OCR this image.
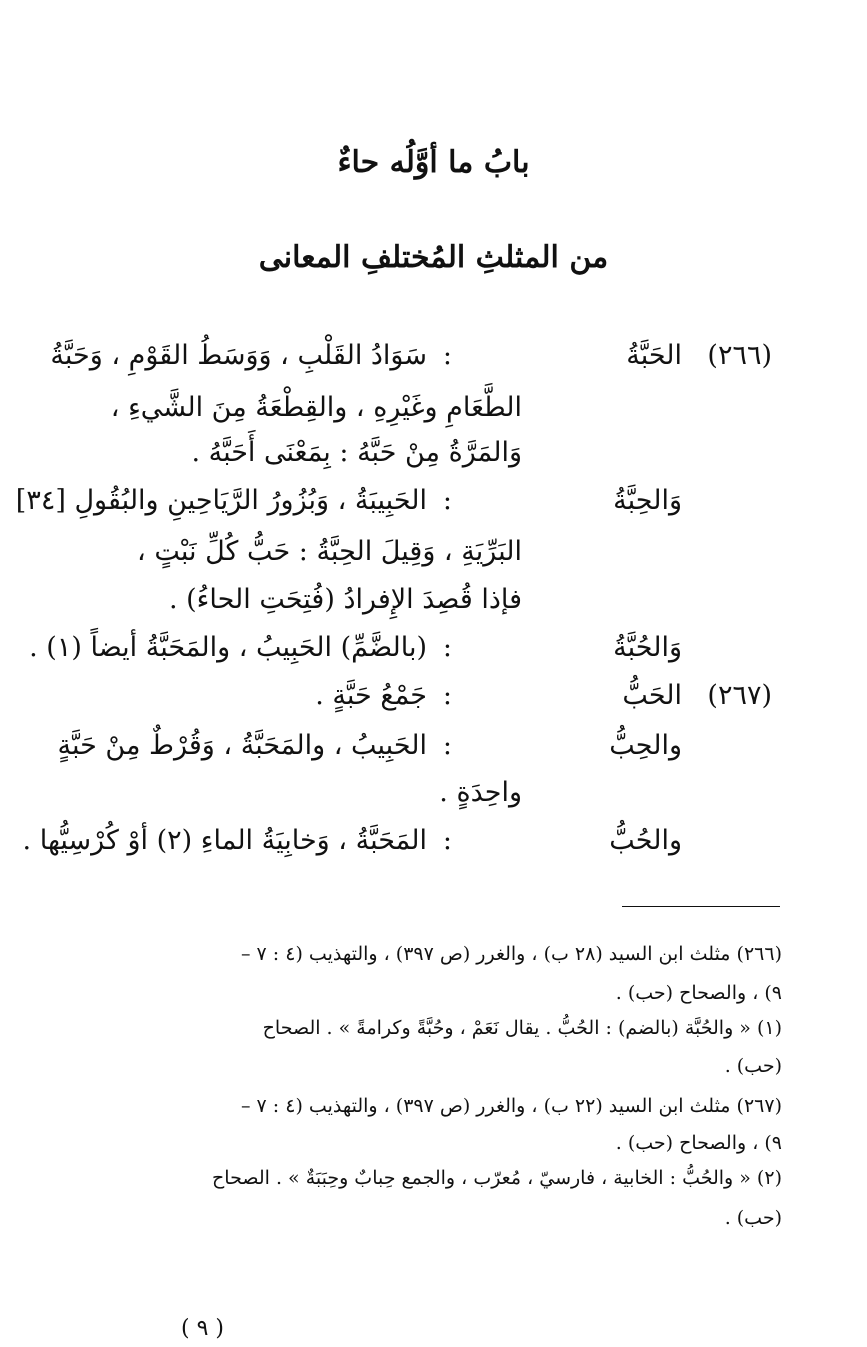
بابُ ما أوَّلُه حاءٌ
من المثلثِ المُختلفِ المعانى
(٢٦٦)
الحَبَّةُ
:
سَوَادُ القَلْبِ ، وَوَسَطُ القَوْمِ ، وَحَبَّةُ
الطَّعَامِ وغَيْرِهِ ، والقِطْعَةُ مِنَ الشَّيءِ ،
وَالمَرَّةُ مِنْ حَبَّهُ : بِمَعْنَى أَحَبَّهُ .
وَالحِبَّةُ
:
الحَبِيبَةُ ، وَبُزُورُ الرَّيَاحِينِ والبُقُولِ [٣٤]
البَرِّيَةِ ، وَقِيلَ الحِبَّةُ : حَبُّ كُلِّ نَبْتٍ ،
فإذا قُصِدَ الإِفرادُ (فُتِحَتِ الحاءُ) .
وَالحُبَّةُ
:
(بالضَّمِّ) الحَبِيبُ ، والمَحَبَّةُ أيضاً (١) .
(٢٦٧)
الحَبُّ
:
جَمْعُ حَبَّةٍ .
والحِبُّ
:
الحَبِيبُ ، والمَحَبَّةُ ، وَقُرْطٌ مِنْ حَبَّةٍ
واحِدَةٍ .
والحُبُّ
:
المَحَبَّةُ ، وَخابِيَةُ الماءِ (٢) أوْ كُرْسِيُّها .
(٢٦٦) مثلث ابن السيد (٢٨ ب) ، والغرر (ص ٣٩٧) ، والتهذيب (٤ : ٧ –
٩) ، والصحاح (حب) .
(١) « والحُبَّة (بالضم) : الحُبُّ . يقال نَعَمْ ، وحُبَّةً وكرامةً » . الصحاح
(حب) .
(٢٦٧) مثلث ابن السيد (٢٢ ب) ، والغرر (ص ٣٩٧) ، والتهذيب (٤ : ٧ –
٩) ، والصحاح (حب) .
(٢) « والحُبُّ : الخابية ، فارسيّ ، مُعرّب ، والجمع حِبابٌ وحِبَبَةٌ » . الصحاح
(حب) .
( ٩ )
